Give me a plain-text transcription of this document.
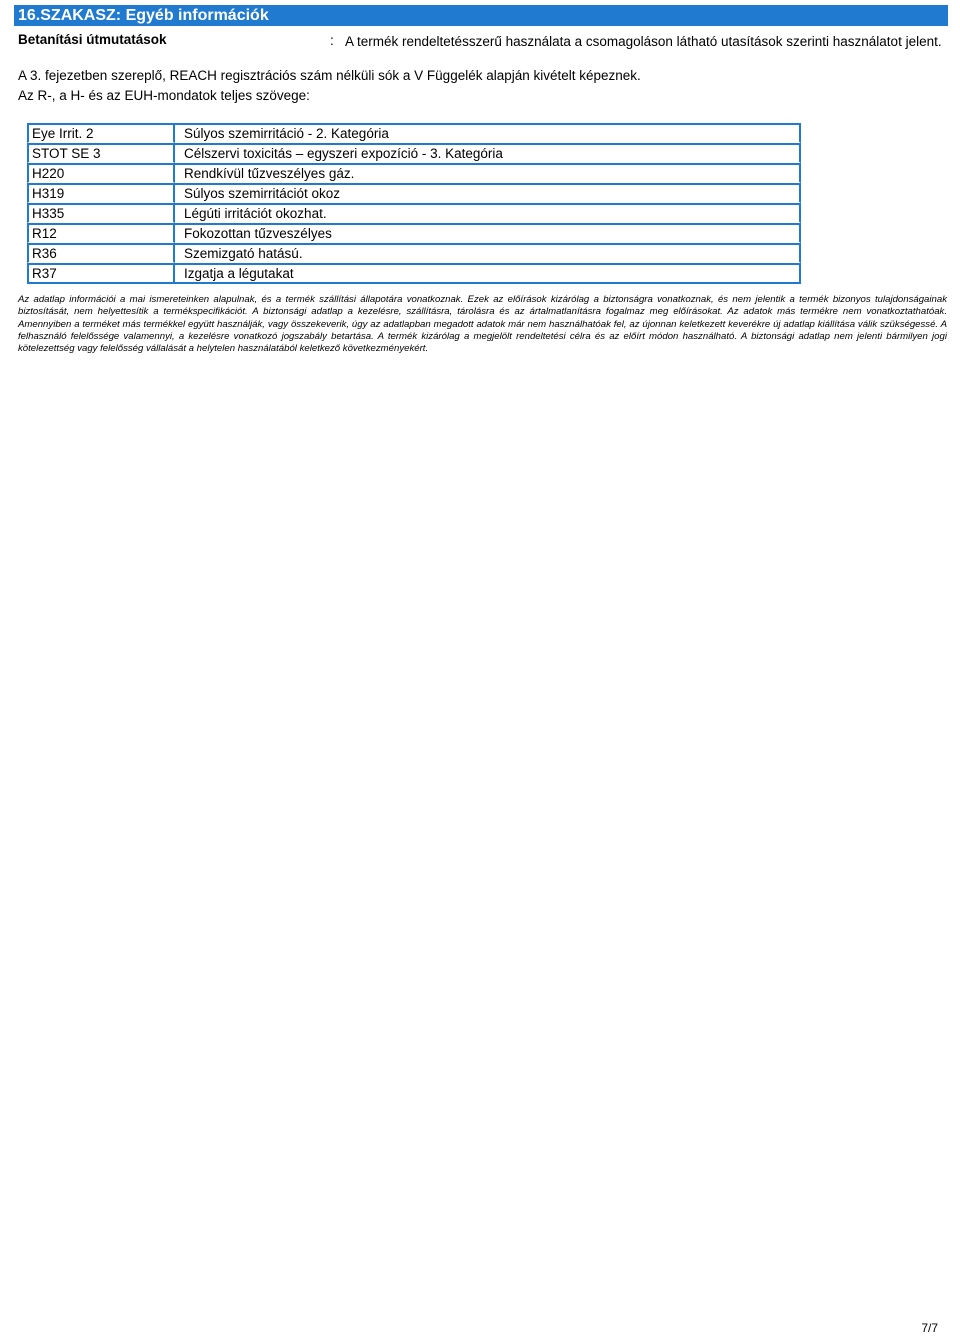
16.SZAKASZ: Egyéb információk
Betanítási útmutatások	: A termék rendeltetésszerű használata a csomagoláson látható utasítások szerinti használatot jelent.
A 3. fejezetben szereplő, REACH regisztrációs szám nélküli sók a V Függelék alapján kivételt képeznek.
Az R-, a H- és az EUH-mondatok teljes szövege:
Eye Irrit. 2	Súlyos szemirritáció - 2. Kategória
STOT SE 3	Célszervi toxicitás – egyszeri expozíció - 3. Kategória
H220	Rendkívül tűzveszélyes gáz.
H319	Súlyos szemirritációt okoz
H335	Légúti irritációt okozhat.
R12	Fokozottan tűzveszélyes
R36	Szemizgató hatású.
R37	Izgatja a légutakat
Az adatlap információi a mai ismereteinken alapulnak, és a termék szállítási állapotára vonatkoznak. Ezek az előírások kizárólag a biztonságra vonatkoznak, és nem jelentik a termék bizonyos tulajdonságainak biztosítását, nem helyettesítik a termékspecifikációt. A biztonsági adatlap a kezelésre, szállításra, tárolásra és az ártalmatlanításra fogalmaz meg előírásokat. Az adatok más termékre nem vonatkoztathatóak. Amennyiben a terméket más termékkel együtt használják, vagy összekeverik, úgy az adatlapban megadott adatok már nem használhatóak fel, az újonnan keletkezett keverékre új adatlap kiállítása válik szükségessé. A felhasználó felelőssége valamennyi, a kezelésre vonatkozó jogszabály betartása. A termék kizárólag a megjelölt rendeltetési célra és az előírt módon használható. A biztonsági adatlap nem jelenti bármilyen jogi kötelezettség vagy felelősség vállalását a helytelen használatából keletkező következményekért.
7/7
